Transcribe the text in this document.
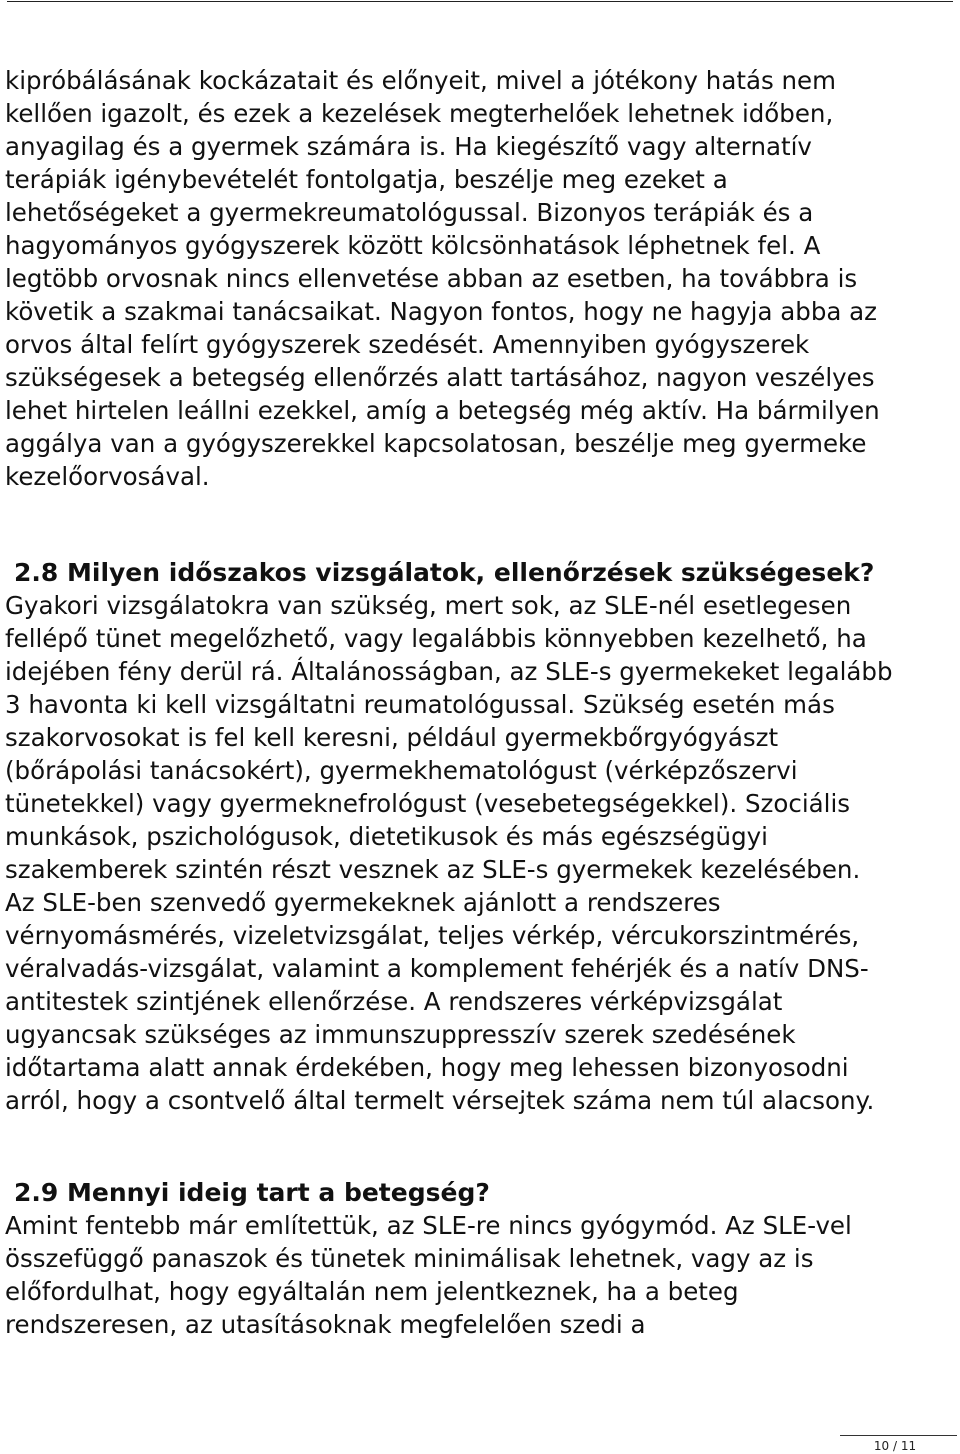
kipróbálásának kockázatait és előnyeit, mivel a jótékony hatás nem
kellően igazolt, és ezek a kezelések megterhelőek lehetnek időben,
anyagilag és a gyermek számára is. Ha kiegészítő vagy alternatív
terápiák igénybevételét fontolgatja, beszélje meg ezeket a
lehetőségeket a gyermekreumatológussal. Bizonyos terápiák és a
hagyományos gyógyszerek között kölcsönhatások léphetnek fel. A
legtöbb orvosnak nincs ellenvetése abban az esetben, ha továbbra is
követik a szakmai tanácsaikat. Nagyon fontos, hogy ne hagyja abba az
orvos által felírt gyógyszerek szedését. Amennyiben gyógyszerek
szükségesek a betegség ellenőrzés alatt tartásához, nagyon veszélyes
lehet hirtelen leállni ezekkel, amíg a betegség még aktív. Ha bármilyen
aggálya van a gyógyszerekkel kapcsolatosan, beszélje meg gyermeke
kezelőorvosával.
2.8 Milyen időszakos vizsgálatok, ellenőrzések szükségesek?
Gyakori vizsgálatokra van szükség, mert sok, az SLE-nél esetlegesen
fellépő tünet megelőzhető, vagy legalábbis könnyebben kezelhető, ha
idejében fény derül rá. Általánosságban, az SLE-s gyermekeket legalább
3 havonta ki kell vizsgáltatni reumatológussal. Szükség esetén más
szakorvosokat is fel kell keresni, például gyermekbőrgyógyászt
(bőrápolási tanácsokért), gyermekhematológust (vérképzőszervi
tünetekkel) vagy gyermeknefrológust (vesebetegségekkel). Szociális
munkások, pszichológusok, dietetikusok és más egészségügyi
szakemberek szintén részt vesznek az SLE-s gyermekek kezelésében.
Az SLE-ben szenvedő gyermekeknek ajánlott a rendszeres
vérnyomásmérés, vizeletvizsgálat, teljes vérkép, vércukorszintmérés,
véralvadás-vizsgálat, valamint a komplement fehérjék és a natív DNS-
antitestek szintjének ellenőrzése. A rendszeres vérképvizsgálat
ugyancsak szükséges az immunszuppresszív szerek szedésének
időtartama alatt annak érdekében, hogy meg lehessen bizonyosodni
arról, hogy a csontvelő által termelt vérsejtek száma nem túl alacsony.
2.9 Mennyi ideig tart a betegség?
Amint fentebb már említettük, az SLE-re nincs gyógymód. Az SLE-vel
összefüggő panaszok és tünetek minimálisak lehetnek, vagy az is
előfordulhat, hogy egyáltalán nem jelentkeznek, ha a beteg
rendszeresen, az utasításoknak megfelelően szedi a
10 / 11
